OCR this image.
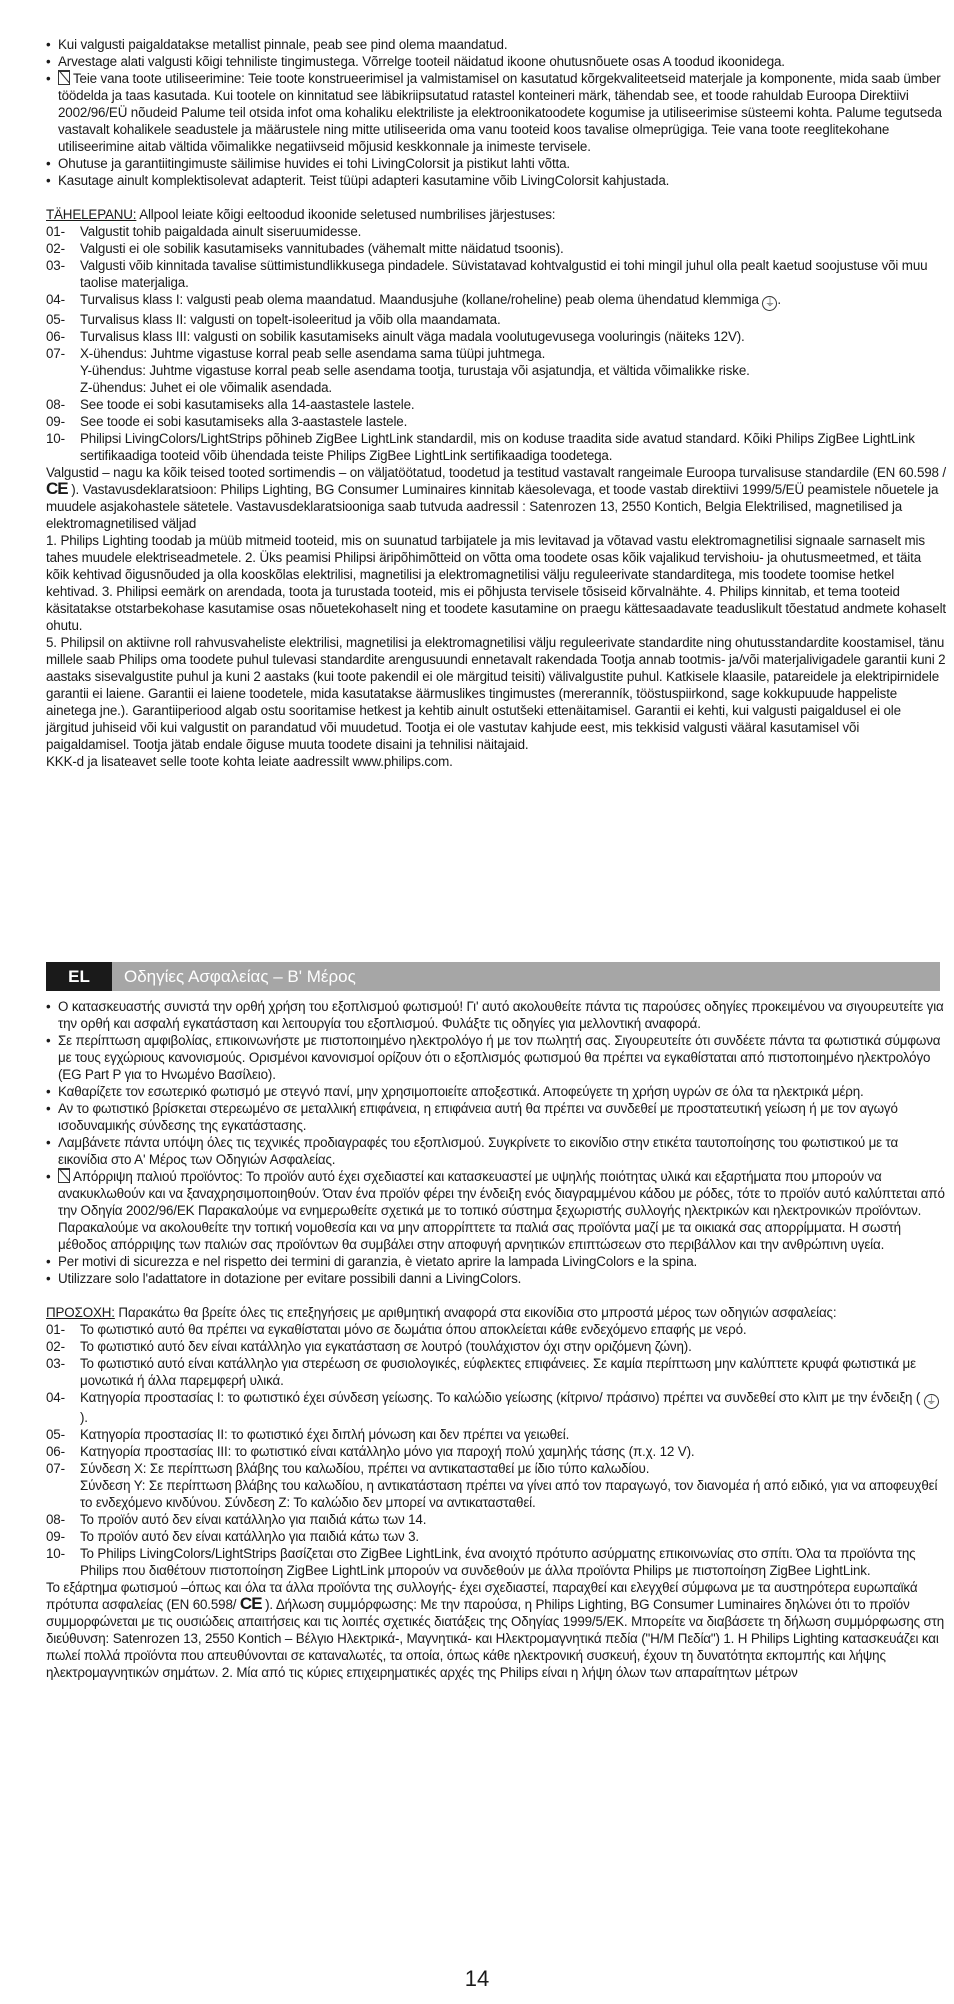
• Kui valgusti paigaldatakse metallist pinnale, peab see pind olema maandatud.
• Arvestage alati valgusti kõigi tehniliste tingimustega. Võrrelge tooteil näidatud ikoone ohutusnõuete osas A toodud ikoonidega.
• Teie vana toote utiliseerimine: Teie toote konstrueerimisel ja valmistamisel on kasutatud kõrgekvaliteetseid materjale ja komponente, mida saab ümber töödelda ja taas kasutada. Kui tootele on kinnitatud see läbikriipsutatud ratastel konteineri märk, tähendab see, et toode rahuldab Euroopa Direktiivi 2002/96/EÜ nõudeid Palume teil otsida infot oma kohaliku elektriliste ja elektroonikatoodete kogumise ja utiliseerimise süsteemi kohta. Palume tegutseda vastavalt kohalikele seadustele ja määrustele ning mitte utiliseerida oma vanu tooteid koos tavalise olmeprügiga. Teie vana toote reeglitekohane utiliseerimine aitab vältida võimalikke negatiivseid mõjusid keskkonnale ja inimeste tervisele.
• Ohutuse ja garantiitingimuste säilimise huvides ei tohi LivingColorsit ja pistikut lahti võtta.
• Kasutage ainult komplektisolevat adapterit. Teist tüüpi adapteri kasutamine võib LivingColorsit kahjustada.
TÄHELEPANU: Allpool leiate kõigi eeltoodud ikoonide seletused numbrilises järjestuses:
01-	Valgustit tohib paigaldada ainult siseruumidesse.
02-	Valgusti ei ole sobilik kasutamiseks vannitubades (vähemalt mitte näidatud tsoonis).
03-	Valgusti võib kinnitada tavalise süttimistundlikkusega pindadele. Süvistatavad kohtvalgustid ei tohi mingil juhul olla pealt kaetud soojustuse või muu taolise materjaliga.
04-	Turvalisus klass I: valgusti peab olema maandatud. Maandusjuhe (kollane/roheline) peab olema ühendatud klemmiga ⏚ .
05-	Turvalisus klass II: valgusti on topelt-isoleeritud ja võib olla maandamata.
06-	Turvalisus klass III: valgusti on sobilik kasutamiseks ainult väga madala voolutugevusega vooluringis (näiteks 12V).
07-	X-ühendus: Juhtme vigastuse korral peab selle asendama sama tüüpi juhtmega.
Y-ühendus: Juhtme vigastuse korral peab selle asendama tootja, turustaja või asjatundja, et vältida võimalikke riske.
Z-ühendus: Juhet ei ole võimalik asendada.
08-	See toode ei sobi kasutamiseks alla 14-aastastele lastele.
09-	See toode ei sobi kasutamiseks alla 3-aastastele lastele.
10-	Philipsi LivingColors/LightStrips põhineb ZigBee LightLink standardil, mis on koduse traadita side avatud standard. Kõiki Philips ZigBee LightLink sertifikaadiga tooteid võib ühendada teiste Philips ZigBee LightLink sertifikaadiga toodetega.
Valgustid – nagu ka kõik teised tooted sortimendis – on väljatöötatud, toodetud ja testitud vastavalt rangeimale Euroopa turvalisuse standardile (EN 60.598 / CE ). Vastavusdeklaratsioon: Philips Lighting, BG Consumer Luminaires kinnitab käesolevaga, et toode vastab direktiivi 1999/5/EÜ peamistele nõuetele ja muudele asjakohastele sätetele. Vastavusdeklaratsiooniga saab tutvuda aadressil : Satenrozen 13, 2550 Kontich, Belgia Elektrilised, magnetilised ja elektromagnetilised väljad
1. Philips Lighting toodab ja müüb mitmeid tooteid, mis on suunatud tarbijatele ja mis levitavad ja võtavad vastu elektromagnetilisi signaale sarnaselt mis tahes muudele elektriseadmetele. 2. Üks peamisi Philipsi äripõhimõtteid on võtta oma toodete osas kõik vajalikud tervishoiu- ja ohutusmeetmed, et täita kõik kehtivad õigusnõuded ja olla kooskõlas elektrilisi, magnetilisi ja elektromagnetilisi välju reguleerivate standarditega, mis toodete toomise hetkel kehtivad. 3. Philipsi eemärk on arendada, toota ja turustada tooteid, mis ei põhjusta tervisele tõsiseid kõrvalnähte. 4. Philips kinnitab, et tema tooteid käsitatakse otstarbekohase kasutamise osas nõuetekohaselt ning et toodete kasutamine on praegu kättesaadavate teaduslikult tõestatud andmete kohaselt ohutu.
5. Philipsil on aktiivne roll rahvusvaheliste elektrilisi, magnetilisi ja elektromagnetilisi välju reguleerivate standardite ning ohutusstandardite koostamisel, tänu millele saab Philips oma toodete puhul tulevasi standardite arengusuundi ennetavalt rakendada Tootja annab tootmis- ja/või materjalivigadele garantii kuni 2 aastaks sisevalgustite puhul ja kuni 2 aastaks (kui toote pakendil ei ole märgitud teisiti) välivalgustite puhul. Katkisele klaasile, patareidele ja elektripirnidele garantii ei laiene. Garantii ei laiene toodetele, mida kasutatakse äärmuslikes tingimustes (mereranník, tööstuspiirkond, sage kokkupuude happeliste ainetega jne.). Garantiiperiood algab ostu sooritamise hetkest ja kehtib ainult ostutšeki ettenäitamisel. Garantii ei kehti, kui valgusti paigaldusel ei ole järgitud juhiseid või kui valgustit on parandatud või muudetud. Tootja ei ole vastutav kahjude eest, mis tekkisid valgusti vääral kasutamisel või paigaldamisel. Tootja jätab endale õiguse muuta toodete disaini ja tehnilisi näitajaid.
KKK-d ja lisateavet selle toote kohta leiate aadressilt www.philips.com.
EL	Οδηγίες Ασφαλείας – Β' Μέρος
• Ο κατασκευαστής συνιστά την ορθή χρήση του εξοπλισμού φωτισμού! Γι' αυτό ακολουθείτε πάντα τις παρούσες οδηγίες προκειμένου να σιγουρευτείτε για την ορθή και ασφαλή εγκατάσταση και λειτουργία του εξοπλισμού. Φυλάξτε τις οδηγίες για μελλοντική αναφορά.
• Σε περίπτωση αμφιβολίας, επικοινωνήστε με πιστοποιημένο ηλεκτρολόγο ή με τον πωλητή σας. Σιγουρευτείτε ότι συνδέετε πάντα τα φωτιστικά σύμφωνα με τους εγχώριους κανονισμούς. Ορισμένοι κανονισμοί ορίζουν ότι ο εξοπλισμός φωτισμού θα πρέπει να εγκαθίσταται από πιστοποιημένο ηλεκτρολόγο (EG Part P για το Ηνωμένο Βασίλειο).
• Καθαρίζετε τον εσωτερικό φωτισμό με στεγνό πανί, μην χρησιμοποιείτε αποξεστικά. Αποφεύγετε τη χρήση υγρών σε όλα τα ηλεκτρικά μέρη.
• Αν το φωτιστικό βρίσκεται στερεωμένο σε μεταλλική επιφάνεια, η επιφάνεια αυτή θα πρέπει να συνδεθεί με προστατευτική γείωση ή με τον αγωγό ισοδυναμικής σύνδεσης της εγκατάστασης.
• Λαμβάνετε πάντα υπόψη όλες τις τεχνικές προδιαγραφές του εξοπλισμού. Συγκρίνετε το εικονίδιο στην ετικέτα ταυτοποίησης του φωτιστικού με τα εικονίδια στο Α' Μέρος των Οδηγιών Ασφαλείας.
• Απόρριψη παλιού προϊόντος: Το προϊόν αυτό έχει σχεδιαστεί και κατασκευαστεί με υψηλής ποιότητας υλικά και εξαρτήματα που μπορούν να ανακυκλωθούν και να ξαναχρησιμοποιηθούν. Όταν ένα προϊόν φέρει την ένδειξη ενός διαγραμμένου κάδου με ρόδες, τότε το προϊόν αυτό καλύπτεται από την Οδηγία 2002/96/ΕΚ Παρακαλούμε να ενημερωθείτε σχετικά με το τοπικό σύστημα ξεχωριστής συλλογής ηλεκτρικών και ηλεκτρονικών προϊόντων. Παρακαλούμε να ακολουθείτε την τοπική νομοθεσία και να μην απορρίπτετε τα παλιά σας προϊόντα μαζί με τα οικιακά σας απορρίμματα. Η σωστή μέθοδος απόρριψης των παλιών σας προϊόντων θα συμβάλει στην αποφυγή αρνητικών επιπτώσεων στο περιβάλλον και την ανθρώπινη υγεία.
• Per motivi di sicurezza e nel rispetto dei termini di garanzia, è vietato aprire la lampada LivingColors e la spina.
• Utilizzare solo l'adattatore in dotazione per evitare possibili danni a LivingColors.
ΠΡΟΣΟΧΗ: Παρακάτω θα βρείτε όλες τις επεξηγήσεις με αριθμητική αναφορά στα εικονίδια στο μπροστά μέρος των οδηγιών ασφαλείας:
01-	Το φωτιστικό αυτό θα πρέπει να εγκαθίσταται μόνο σε δωμάτια όπου αποκλείεται κάθε ενδεχόμενο επαφής με νερό.
02-	Το φωτιστικό αυτό δεν είναι κατάλληλο για εγκατάσταση σε λουτρό (τουλάχιστον όχι στην οριζόμενη ζώνη).
03-	Το φωτιστικό αυτό είναι κατάλληλο για στερέωση σε φυσιολογικές, εύφλεκτες επιφάνειες. Σε καμία περίπτωση μην καλύπτετε κρυφά φωτιστικά με μονωτικά ή άλλα παρεμφερή υλικά.
04-	Κατηγορία προστασίας Ι: το φωτιστικό έχει σύνδεση γείωσης. Το καλώδιο γείωσης (κίτρινο/ πράσινο) πρέπει να συνδεθεί στο κλιπ με την ένδειξη ( ⏚ ).
05-	Κατηγορία προστασίας ΙΙ: το φωτιστικό έχει διπλή μόνωση και δεν πρέπει να γειωθεί.
06-	Κατηγορία προστασίας ΙΙΙ: το φωτιστικό είναι κατάλληλο μόνο για παροχή πολύ χαμηλής τάσης (π.χ. 12 V).
07-	Σύνδεση Χ: Σε περίπτωση βλάβης του καλωδίου, πρέπει να αντικατασταθεί με ίδιο τύπο καλωδίου.
Σύνδεση Υ: Σε περίπτωση βλάβης του καλωδίου, η αντικατάσταση πρέπει να γίνει από τον παραγωγό, τον διανομέα ή από ειδικό, για να αποφευχθεί το ενδεχόμενο κινδύνου. Σύνδεση Ζ: Το καλώδιο δεν μπορεί να αντικατασταθεί.
08-	Το προϊόν αυτό δεν είναι κατάλληλο για παιδιά κάτω των 14.
09-	Το προϊόν αυτό δεν είναι κατάλληλο για παιδιά κάτω των 3.
10-	Το Philips LivingColors/LightStrips βασίζεται στο ZigBee LightLink, ένα ανοιχτό πρότυπο ασύρματης επικοινωνίας στο σπίτι. Όλα τα προϊόντα της Philips που διαθέτουν πιστοποίηση ZigBee LightLink μπορούν να συνδεθούν με άλλα προϊόντα Philips με πιστοποίηση ZigBee LightLink.
Το εξάρτημα φωτισμού –όπως και όλα τα άλλα προϊόντα της συλλογής- έχει σχεδιαστεί, παραχθεί και ελεγχθεί σύμφωνα με τα αυστηρότερα ευρωπαϊκά πρότυπα ασφαλείας (EN 60.598/ CE ). Δήλωση συμμόρφωσης: Με την παρούσα, η Philips Lighting, BG Consumer Luminaires δηλώνει ότι το προϊόν συμμορφώνεται με τις ουσιώδεις απαιτήσεις και τις λοιπές σχετικές διατάξεις της Οδηγίας 1999/5/ΕΚ. Μπορείτε να διαβάσετε τη δήλωση συμμόρφωσης στη διεύθυνση: Satenrozen 13, 2550 Kontich – Βέλγιο Ηλεκτρικά-, Μαγνητικά- και Ηλεκτρομαγνητικά πεδία ("Η/Μ Πεδία") 1. Η Philips Lighting κατασκευάζει και πωλεί πολλά προϊόντα που απευθύνονται σε καταναλωτές, τα οποία, όπως κάθε ηλεκτρονική συσκευή, έχουν τη δυνατότητα εκπομπής και λήψης ηλεκτρομαγνητικών σημάτων. 2. Μία από τις κύριες επιχειρηματικές αρχές της Philips είναι η λήψη όλων των απαραίτητων μέτρων
14
